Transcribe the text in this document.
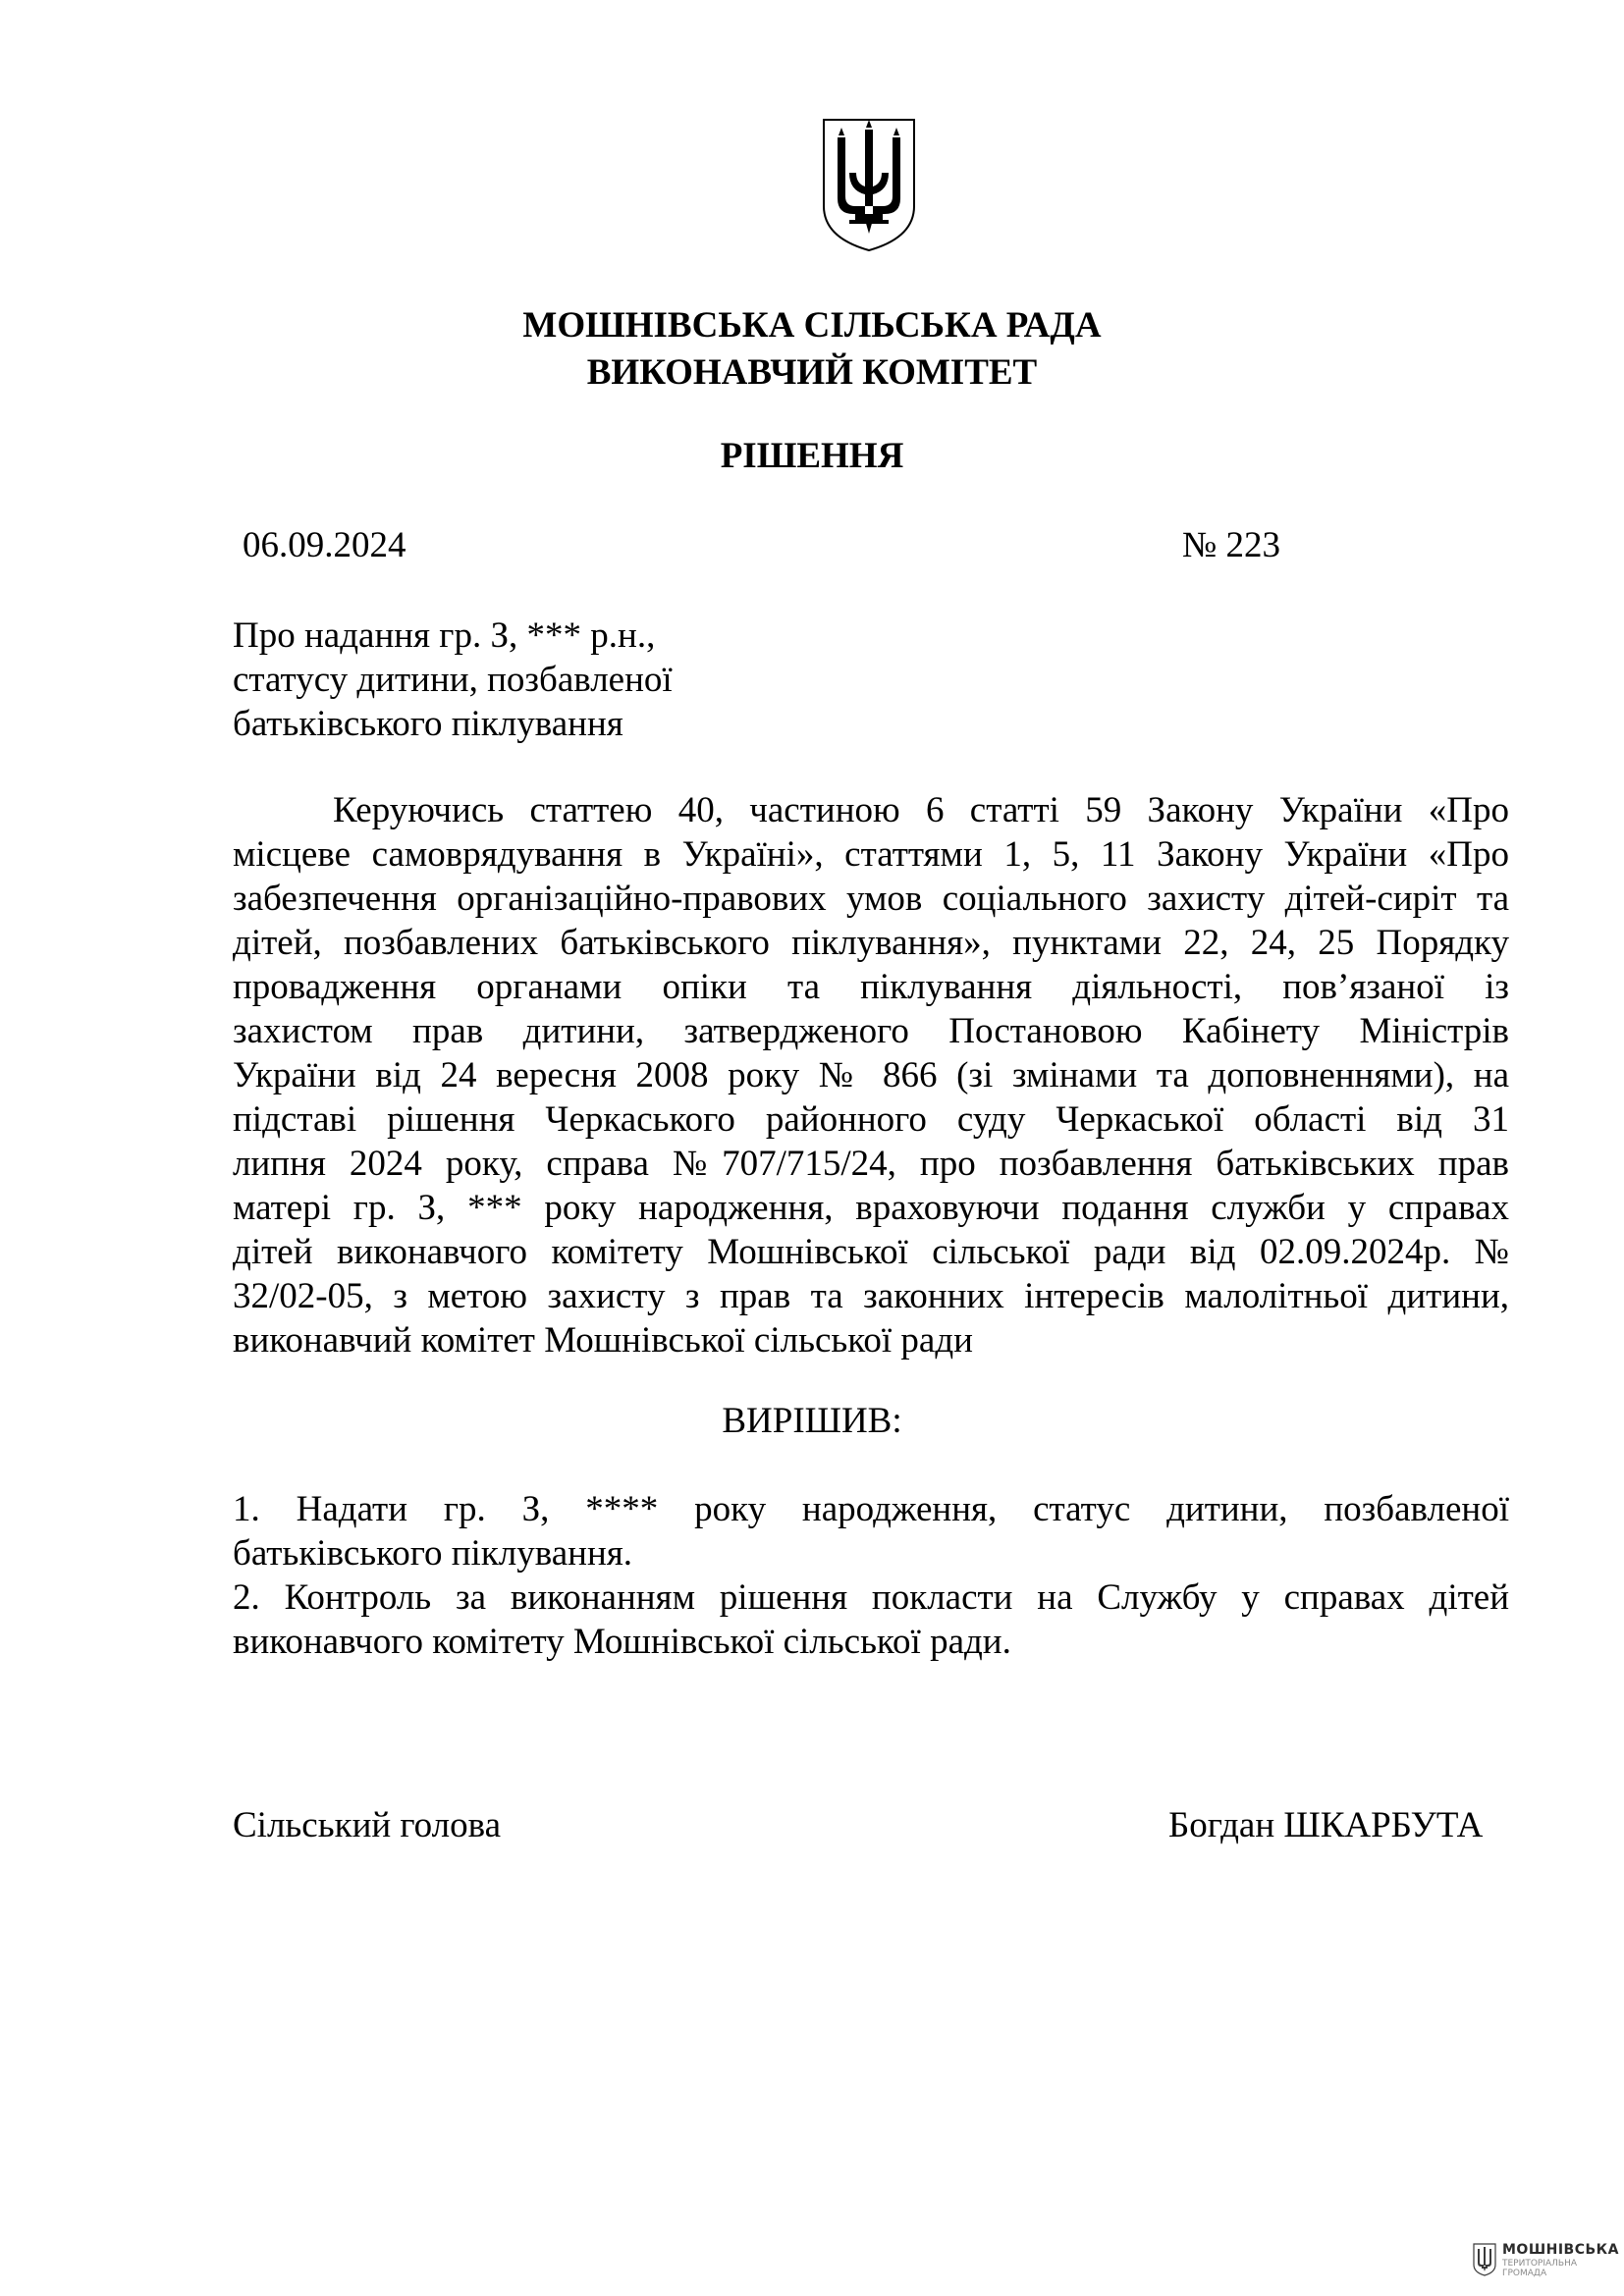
МОШНІВСЬКА СІЛЬСЬКА РАДА
ВИКОНАВЧИЙ КОМІТЕТ
РІШЕННЯ
06.09.2024	№ 223
Про надання гр. З, *** р.н.,
статусу дитини, позбавленої
батьківського піклування
Керуючись статтею 40, частиною 6 статті 59 Закону України «Про
місцеве самоврядування в Україні», статтями 1, 5, 11 Закону України «Про
забезпечення організаційно-правових умов соціального захисту дітей-сиріт та
дітей, позбавлених батьківського піклування», пунктами 22, 24, 25 Порядку
провадження органами опіки та піклування діяльності, пов’язаної із
захистом прав дитини, затвердженого Постановою Кабінету Міністрів
України від 24 вересня 2008 року № 866 (зі змінами та доповненнями), на
підставі рішення Черкаського районного суду Черкаської області від 31
липня 2024 року, справа №707/715/24, про позбавлення батьківських прав
матері гр. З, *** року народження, враховуючи подання служби у справах
дітей виконавчого комітету Мошнівської сільської ради від 02.09.2024р. №
32/02-05, з метою захисту з прав та законних інтересів малолітньої дитини,
виконавчий комітет Мошнівської сільської ради
ВИРІШИВ:
1. Надати гр. З, **** року народження, статус дитини, позбавленої
батьківського піклування.
2. Контроль за виконанням рішення покласти на Службу у справах дітей
виконавчого комітету Мошнівської сільської ради.
Сільський голова	Богдан ШКАРБУТА
МОШНІВСЬКА
ТЕРИТОРІАЛЬНА ГРОМАДА
